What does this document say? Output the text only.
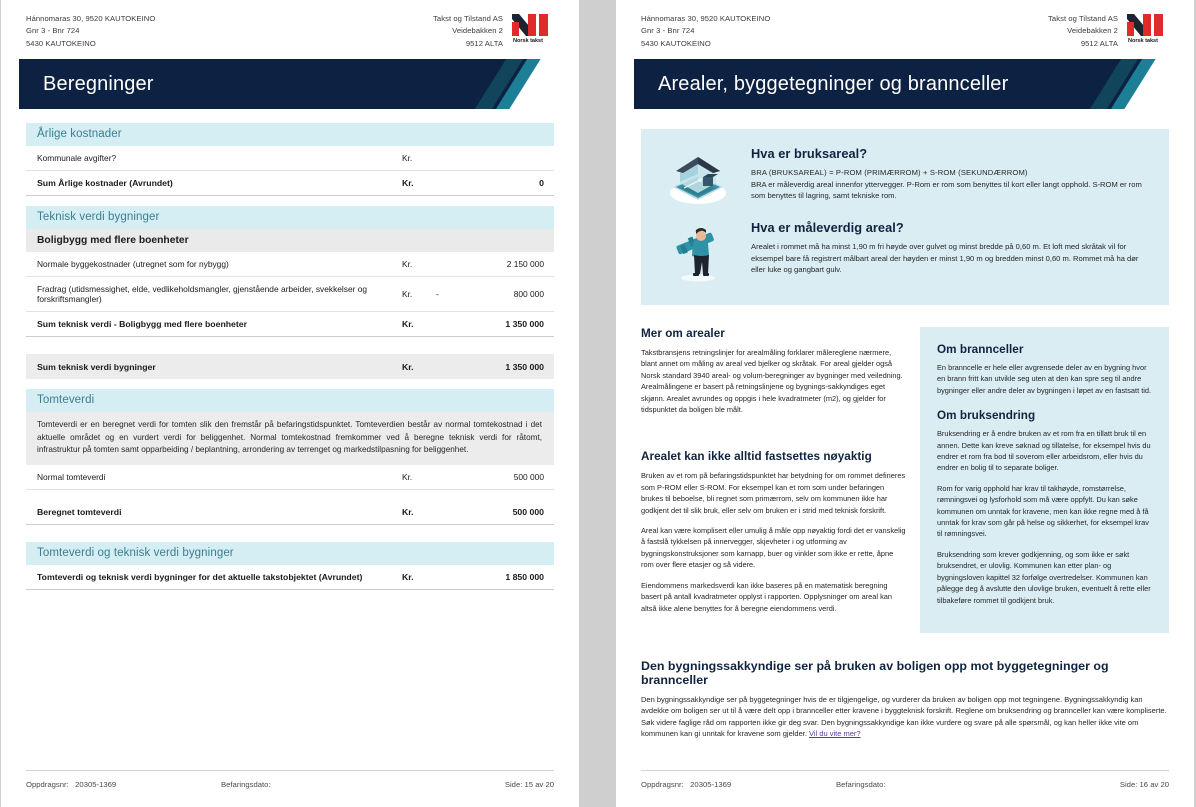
Hánnomaras 30, 9520 KAUTOKEINO
Gnr 3 - Bnr 724
5430 KAUTOKEINO
Takst og Tilstand AS
Veidebakken 2
9512 ALTA Norsk takst
Beregninger
Årlige kostnader
Kommunale avgifter?	Kr.
Sum Årlige kostnader (Avrundet)	Kr.	0
Teknisk verdi bygninger
Boligbygg med flere boenheter
Normale byggekostnader (utregnet som for nybygg)	Kr.	2 150 000
Fradrag (utidsmessighet, elde, vedlikeholdsmangler, gjenstående arbeider, svekkelser og forskriftsmangler)	Kr.	-	800 000
Sum teknisk verdi - Boligbygg med flere boenheter	Kr.	1 350 000
Sum teknisk verdi bygninger	Kr.	1 350 000
Tomteverdi
Tomteverdi er en beregnet verdi for tomten slik den fremstår på befaringstidspunktet. Tomteverdien består av normal tomtekostnad i det aktuelle området og en vurdert verdi for beliggenhet. Normal tomtekostnad fremkommer ved å beregne teknisk verdi for råtomt, infrastruktur på tomten samt opparbeiding / beplantning, arrondering av terrenget og markedstilpasning for beliggenhet.
Normal tomteverdi	Kr.	500 000
Beregnet tomteverdi	Kr.	500 000
Tomteverdi og teknisk verdi bygninger
Tomteverdi og teknisk verdi bygninger for det aktuelle takstobjektet (Avrundet)	Kr.	1 850 000
Oppdragsnr: 20305-1369	Befaringsdato:	Side: 15 av 20
Hánnomaras 30, 9520 KAUTOKEINO
Gnr 3 - Bnr 724
5430 KAUTOKEINO
Takst og Tilstand AS
Veidebakken 2
9512 ALTA Norsk takst
Arealer, byggetegninger og brannceller
Hva er bruksareal?

BRA (BRUKSAREAL) = P-ROM (PRIMÆRROM) + S-ROM (SEKUNDÆRROM)

BRA er måleverdig areal innenfor yttervegger. P-Rom er rom som benyttes til kort eller langt opphold. S-ROM er rom som benyttes til lagring, samt tekniske rom.

Hva er måleverdig areal?

Arealet i rommet må ha minst 1,90 m fri høyde over gulvet og minst bredde på 0,60 m. Et loft med skråtak vil for eksempel bare få registrert målbart areal der høyden er minst 1,90 m og bredden minst 0,60 m. Rommet må ha dør eller luke og gangbart gulv.

Mer om arealer

Takstbransjens retningslinjer for arealmåling forklarer målereglene nærmere, blant annet om måling av areal ved bjelker og skråtak. For areal gjelder også Norsk standard 3940 areal- og volum-beregninger av bygninger med veiledning. Arealmålingene er basert på retningslinjene og bygnings-sakkyndiges eget skjønn. Arealet avrundes og oppgis i hele kvadratmeter (m2), og gjelder for tidspunktet da boligen ble målt.

Arealet kan ikke alltid fastsettes nøyaktig

Bruken av et rom på befaringstidspunktet har betydning for om rommet defineres som P-ROM eller S-ROM. For eksempel kan et rom som under befaringen brukes til beboelse, bli regnet som primærrom, selv om kommunen ikke har godkjent det til slik bruk, eller selv om bruken er i strid med teknisk forskrift.

Areal kan være komplisert eller umulig å måle opp nøyaktig fordi det er vanskelig å fastslå tykkelsen på innervegger, skjevheter i og utforming av bygningskonstruksjoner som karnapp, buer og vinkler som ikke er rette, åpne rom over flere etasjer og så videre.

Eiendommens markedsverdi kan ikke baseres på en matematisk beregning basert på antall kvadratmeter opplyst i rapporten. Opplysninger om areal kan altså ikke alene benyttes for å beregne eiendommens verdi.

Om brannceller

En branncelle er hele eller avgrensede deler av en bygning hvor en brann fritt kan utvikle seg uten at den kan spre seg til andre bygninger eller andre deler av bygningen i løpet av en fastsatt tid.

Om bruksendring

Bruksendring er å endre bruken av et rom fra en tillatt bruk til en annen. Dette kan kreve søknad og tillatelse, for eksempel hvis du endrer et rom fra bod til soverom eller arbeidsrom, eller hvis du endrer en bolig til to separate boliger.

Rom for varig opphold har krav til takhøyde, romstørrelse, rømningsvei og lysforhold som må være oppfylt. Du kan søke kommunen om unntak for kravene, men kan ikke regne med å få unntak for krav som går på helse og sikkerhet, for eksempel krav til rømningsvei.

Bruksendring som krever godkjenning, og som ikke er søkt bruksendret, er ulovlig. Kommunen kan etter plan- og bygningsloven kapittel 32 forfølge overtredelser. Kommunen kan pålegge deg å avslutte den ulovlige bruken, eventuelt å rette eller tilbakeføre rommet til godkjent bruk.

Den bygningssakkyndige ser på bruken av boligen opp mot byggetegninger og brannceller

Den bygningssakkyndige ser på byggetegninger hvis de er tilgjengelige, og vurderer da bruken av boligen opp mot tegningene. Bygningssakkyndig kan avdekke om boligen ser ut til å være delt opp i brannceller etter kravene i byggteknisk forskrift. Reglene om bruksendring og brannceller kan være kompliserte. Søk videre faglige råd om rapporten ikke gir deg svar. Den bygningssakkyndige kan ikke vurdere og svare på alle spørsmål, og kan heller ikke vite om kommunen kan gi unntak for kravene som gjelder. Vil du vite mer?

Oppdragsnr: 20305-1369	Befaringsdato:	Side: 16 av 20
